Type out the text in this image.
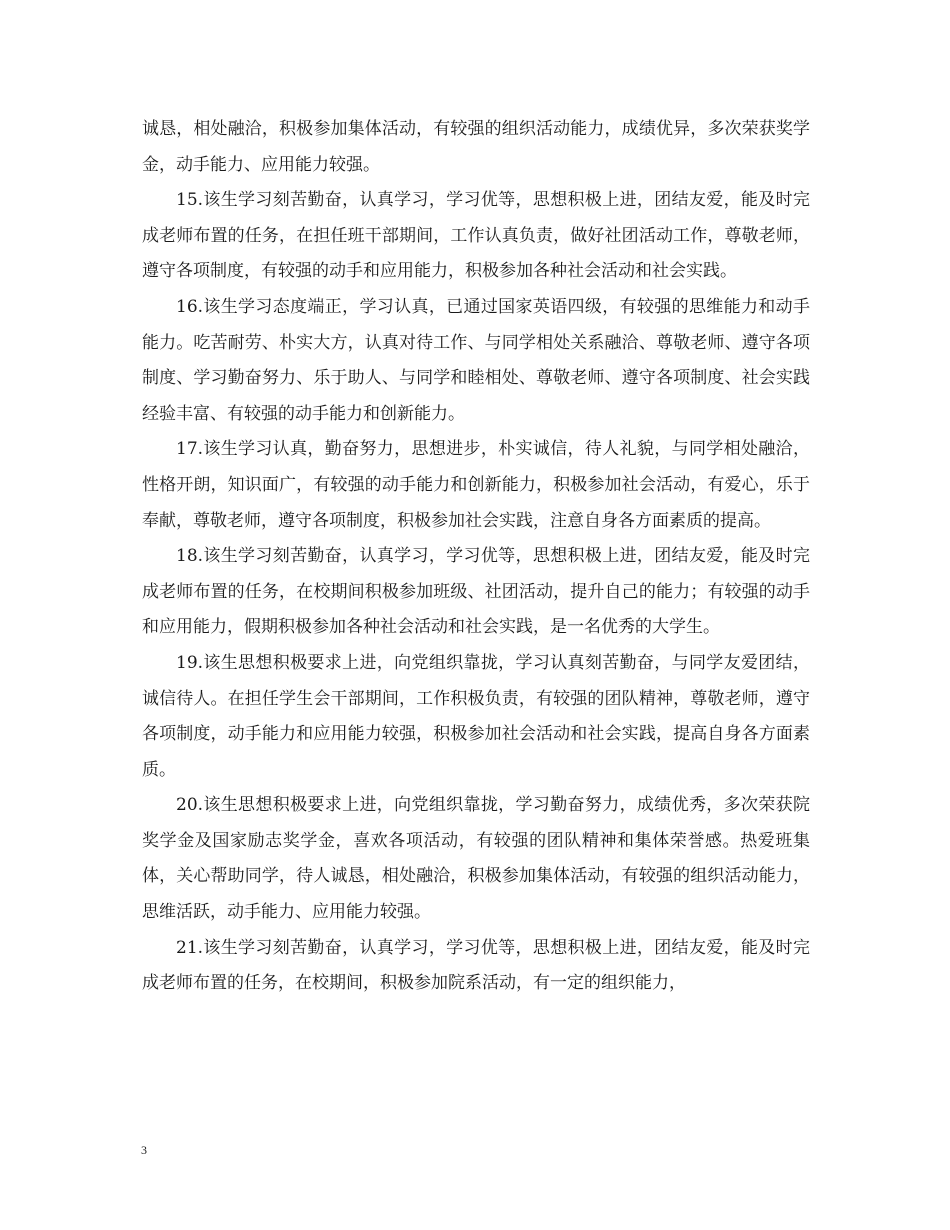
诚恳，相处融洽，积极参加集体活动，有较强的组织活动能力，成绩优异，多次荣获奖学金，动手能力、应用能力较强。

15.该生学习刻苦勤奋，认真学习，学习优等，思想积极上进，团结友爱，能及时完成老师布置的任务，在担任班干部期间，工作认真负责，做好社团活动工作，尊敬老师，遵守各项制度，有较强的动手和应用能力，积极参加各种社会活动和社会实践。

16.该生学习态度端正，学习认真，已通过国家英语四级，有较强的思维能力和动手能力。吃苦耐劳、朴实大方，认真对待工作、与同学相处关系融洽、尊敬老师、遵守各项制度、学习勤奋努力、乐于助人、与同学和睦相处、尊敬老师、遵守各项制度、社会实践经验丰富、有较强的动手能力和创新能力。

17.该生学习认真，勤奋努力，思想进步，朴实诚信，待人礼貌，与同学相处融洽，性格开朗，知识面广，有较强的动手能力和创新能力，积极参加社会活动，有爱心，乐于奉献，尊敬老师，遵守各项制度，积极参加社会实践，注意自身各方面素质的提高。

18.该生学习刻苦勤奋，认真学习，学习优等，思想积极上进，团结友爱，能及时完成老师布置的任务，在校期间积极参加班级、社团活动，提升自己的能力；有较强的动手和应用能力，假期积极参加各种社会活动和社会实践，是一名优秀的大学生。

19.该生思想积极要求上进，向党组织靠拢，学习认真刻苦勤奋，与同学友爱团结，诚信待人。在担任学生会干部期间，工作积极负责，有较强的团队精神，尊敬老师，遵守各项制度，动手能力和应用能力较强，积极参加社会活动和社会实践，提高自身各方面素质。

20.该生思想积极要求上进，向党组织靠拢，学习勤奋努力，成绩优秀，多次荣获院奖学金及国家励志奖学金，喜欢各项活动，有较强的团队精神和集体荣誉感。热爱班集体，关心帮助同学，待人诚恳，相处融洽，积极参加集体活动，有较强的组织活动能力，思维活跃，动手能力、应用能力较强。

21.该生学习刻苦勤奋，认真学习，学习优等，思想积极上进，团结友爱，能及时完成老师布置的任务，在校期间，积极参加院系活动，有一定的组织能力，

3
